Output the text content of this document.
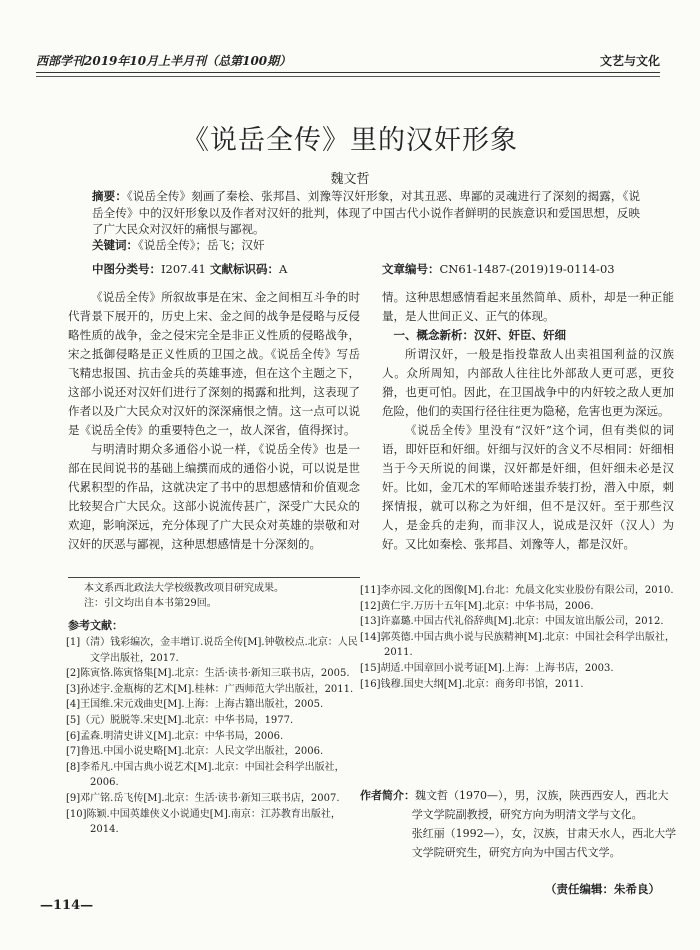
西部学刊2019年10月上半月刊（总第100期）	文艺与文化
《说岳全传》里的汉奸形象
魏文哲
摘要：《说岳全传》刻画了秦桧、张邦昌、刘豫等汉奸形象，对其丑恶、卑鄙的灵魂进行了深刻的揭露，《说岳全传》中的汉奸形象以及作者对汉奸的批判，体现了中国古代小说作者鲜明的民族意识和爱国思想，反映了广大民众对汉奸的痛恨与鄙视。
关键词：《说岳全传》；岳飞；汉奸
中图分类号：I207.41 文献标识码：A	文章编号：CN61-1487-(2019)19-0114-03

《说岳全传》所叙故事是在宋、金之间相互斗争的时代背景下展开的，历史上宋、金之间的战争是侵略与反侵略性质的战争，金之侵宋完全是非正义性质的侵略战争，宋之抵御侵略是正义性质的卫国之战。《说岳全传》写岳飞精忠报国、抗击金兵的英雄事迹，但在这个主题之下，这部小说还对汉奸们进行了深刻的揭露和批判，这表现了作者以及广大民众对汉奸的深深痛恨之情。这一点可以说是《说岳全传》的重要特色之一，故人深省，值得探讨。

与明清时期众多通俗小说一样，《说岳全传》也是一部在民间说书的基础上编撰而成的通俗小说，可以说是世代累积型的作品，这就决定了书中的思想感情和价值观念比较契合广大民众。这部小说流传甚广，深受广大民众的欢迎，影响深远，充分体现了广大民众对英雄的崇敬和对汉奸的厌恶与鄙视，这种思想感情是十分深刻的。

情。这种思想感情看起来虽然简单、质朴，却是一种正能量，是人世间正义、正气的体现。

一、概念新析：汉奸、奸臣、奸细

所谓汉奸，一般是指投靠敌人出卖祖国利益的汉族人。众所周知，内部敌人往往比外部敌人更可恶，更狡猾，也更可怕。因此，在卫国战争中的内奸较之敌人更加危险，他们的卖国行径往往更为隐秘，危害也更为深远。

《说岳全传》里没有“汉奸”这个词，但有类似的词语，即奸臣和奸细。奸细与汉奸的含义不尽相同：奸细相当于今天所说的间谍，汉奸都是奸细，但奸细未必是汉奸。比如，金兀术的军师哈迷蚩乔装打扮，潜入中原，刺探情报，就可以称之为奸细，但不是汉奸。至于那些汉人，是金兵的走狗，而非汉人，说成是汉奸（汉人）为好。又比如秦桧、张邦昌、刘豫等人，都是汉奸。

本文系西北政法大学校级教改项目研究成果。
注：引文均出自本书第29回。
参考文献：
[1]（清）钱彩编次，金丰增订.说岳全传[M].钟敬校点.北京：人民文学出版社，2017.
[2]陈寅恪.陈寅恪集[M].北京：生活·读书·新知三联书店，2005.
[3]孙述宇.金瓶梅的艺术[M].桂林：广西师范大学出版社，2011.
[4]王国维.宋元戏曲史[M].上海：上海古籍出版社，2005.
[5]（元）脱脱等.宋史[M].北京：中华书局，1977.
[6]孟森.明清史讲义[M].北京：中华书局，2006.
[7]鲁迅.中国小说史略[M].北京：人民文学出版社，2006.
[8]李希凡.中国古典小说艺术[M].北京：中国社会科学出版社，2006.
[9]邓广铭.岳飞传[M].北京：生活·读书·新知三联书店，2007.
[10]陈颖.中国英雄侠义小说通史[M].南京：江苏教育出版社，2014.
[11]李亦园.文化的图像[M].台北：允晨文化实业股份有限公司，2010.
[12]黄仁宇.万历十五年[M].北京：中华书局，2006.
[13]许嘉璐.中国古代礼俗辞典[M].北京：中国友谊出版公司，2012.
[14]郭英德.中国古典小说与民族精神[M].北京：中国社会科学出版社，2011.
[15]胡适.中国章回小说考证[M].上海：上海书店，2003.
[16]钱穆.国史大纲[M].北京：商务印书馆，2011.
作者简介：魏文哲（1970—），男，汉族，陕西西安人，西北大学文学院副教授，研究方向为明清文学与文化。
张红丽（1992—），女，汉族，甘肃天水人，西北大学文学院研究生，研究方向为中国古代文学。
（责任编辑：朱希良）
—114—
